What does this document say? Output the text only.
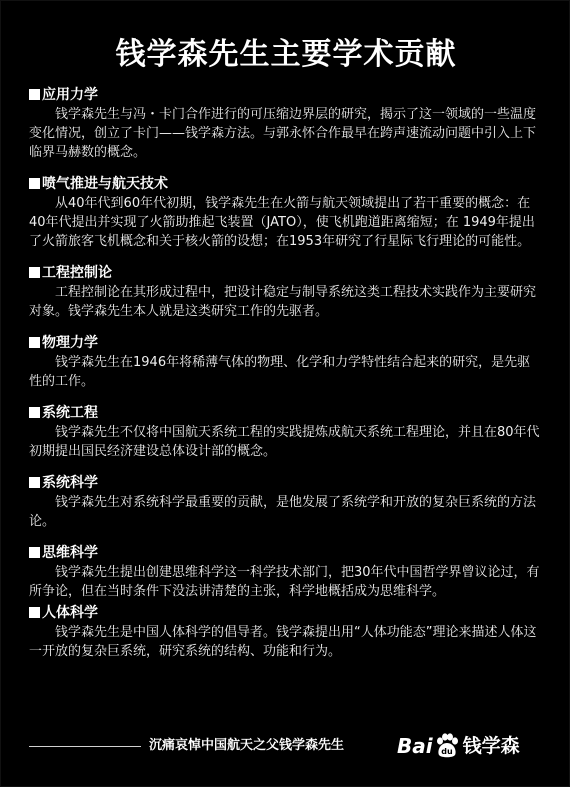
钱学森先生主要学术贡献

应用力学

钱学森先生与冯・卡门合作进行的可压缩边界层的研究，揭示了这一领域的一些温度变化情况，创立了卡门——钱学森方法。与郭永怀合作最早在跨声速流动问题中引入上下临界马赫数的概念。

喷气推进与航天技术

从40年代到60年代初期，钱学森先生在火箭与航天领域提出了若干重要的概念：在40年代提出并实现了火箭助推起飞装置（JATO），使飞机跑道距离缩短；在 1949年提出了火箭旅客飞机概念和关于核火箭的设想；在1953年研究了行星际飞行理论的可能性。

工程控制论

工程控制论在其形成过程中，把设计稳定与制导系统这类工程技术实践作为主要研究对象。钱学森先生本人就是这类研究工作的先驱者。

物理力学

钱学森先生在1946年将稀薄气体的物理、化学和力学特性结合起来的研究，是先驱性的工作。

系统工程

钱学森先生不仅将中国航天系统工程的实践提炼成航天系统工程理论，并且在80年代初期提出国民经济建设总体设计部的概念。

系统科学

钱学森先生对系统科学最重要的贡献，是他发展了系统学和开放的复杂巨系统的方法论。

思维科学

钱学森先生提出创建思维科学这一科学技术部门，把30年代中国哲学界曾议论过，有所争论，但在当时条件下没法讲清楚的主张，科学地概括成为思维科学。

人体科学

钱学森先生是中国人体科学的倡导者。钱学森提出用“人体功能态”理论来描述人体这一开放的复杂巨系统，研究系统的结构、功能和行为。

沉痛哀悼中国航天之父钱学森先生	Bai du 钱学森
